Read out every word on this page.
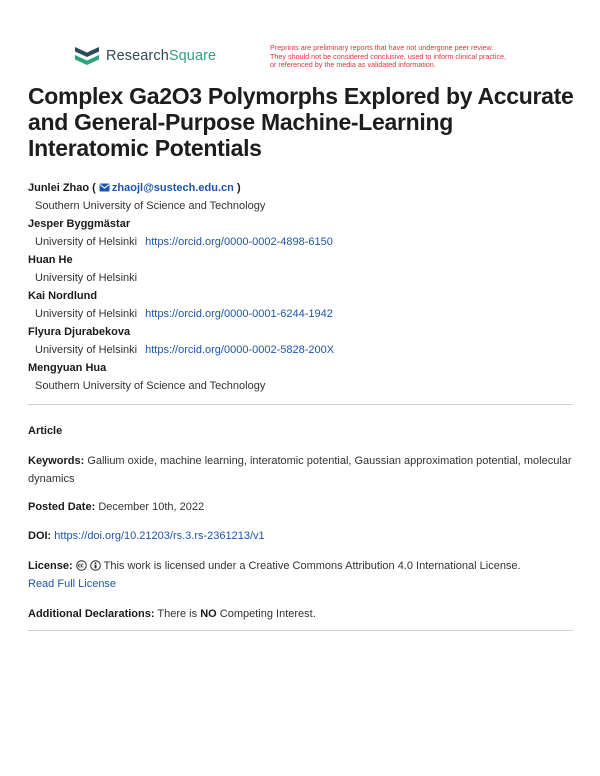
ResearchSquare
Preprints are preliminary reports that have not undergone peer review.
They should not be considered conclusive, used to inform clinical practice,
or referenced by the media as validated information.
Complex Ga2O3 Polymorphs Explored by Accurate and General-Purpose Machine-Learning Interatomic Potentials
Junlei Zhao ( zhaojl@sustech.edu.cn )
Southern University of Science and Technology
Jesper Byggmästar
University of Helsinki https://orcid.org/0000-0002-4898-6150
Huan He
University of Helsinki
Kai Nordlund
University of Helsinki https://orcid.org/0000-0001-6244-1942
Flyura Djurabekova
University of Helsinki https://orcid.org/0000-0002-5828-200X
Mengyuan Hua
Southern University of Science and Technology
Article
Keywords: Gallium oxide, machine learning, interatomic potential, Gaussian approximation potential, molecular dynamics
Posted Date: December 10th, 2022
DOI: https://doi.org/10.21203/rs.3.rs-2361213/v1
License:	This work is licensed under a Creative Commons Attribution 4.0 International License.
Read Full License
Additional Declarations: There is NO Competing Interest.
